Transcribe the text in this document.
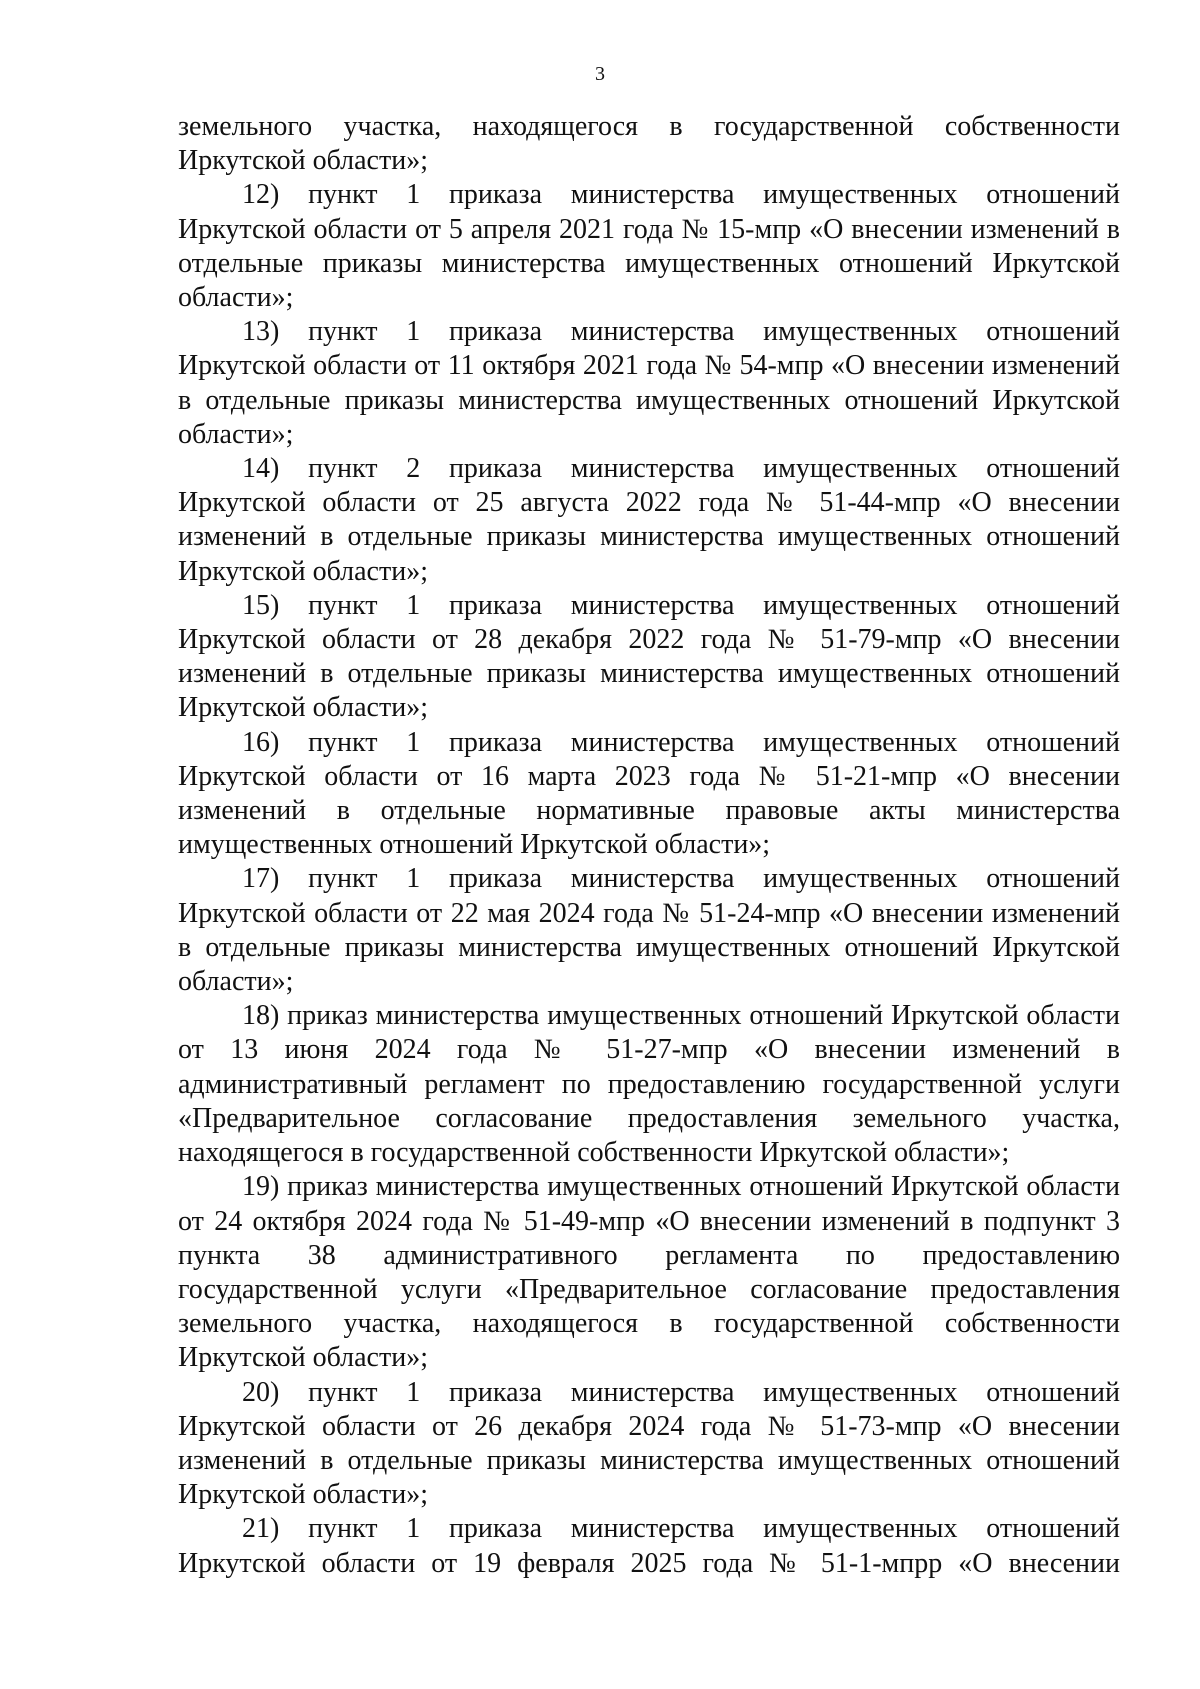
3

земельного участка, находящегося в государственной собственности Иркутской области»;

12) пункт 1 приказа министерства имущественных отношений Иркутской области от 5 апреля 2021 года № 15-мпр «О внесении изменений в отдельные приказы министерства имущественных отношений Иркутской области»;

13) пункт 1 приказа министерства имущественных отношений Иркутской области от 11 октября 2021 года № 54-мпр «О внесении изменений в отдельные приказы министерства имущественных отношений Иркутской области»;

14) пункт 2 приказа министерства имущественных отношений Иркутской области от 25 августа 2022 года № 51-44-мпр «О внесении изменений в отдельные приказы министерства имущественных отношений Иркутской области»;

15) пункт 1 приказа министерства имущественных отношений Иркутской области от 28 декабря 2022 года № 51-79-мпр «О внесении изменений в отдельные приказы министерства имущественных отношений Иркутской области»;

16) пункт 1 приказа министерства имущественных отношений Иркутской области от 16 марта 2023 года № 51-21-мпр «О внесении изменений в отдельные нормативные правовые акты министерства имущественных отношений Иркутской области»;

17) пункт 1 приказа министерства имущественных отношений Иркутской области от 22 мая 2024 года № 51-24-мпр «О внесении изменений в отдельные приказы министерства имущественных отношений Иркутской области»;

18) приказ министерства имущественных отношений Иркутской области от 13 июня 2024 года № 51-27-мпр «О внесении изменений в административный регламент по предоставлению государственной услуги «Предварительное согласование предоставления земельного участка, находящегося в государственной собственности Иркутской области»;

19) приказ министерства имущественных отношений Иркутской области от 24 октября 2024 года № 51-49-мпр «О внесении изменений в подпункт 3 пункта 38 административного регламента по предоставлению государственной услуги «Предварительное согласование предоставления земельного участка, находящегося в государственной собственности Иркутской области»;

20) пункт 1 приказа министерства имущественных отношений Иркутской области от 26 декабря 2024 года № 51-73-мпр «О внесении изменений в отдельные приказы министерства имущественных отношений Иркутской области»;

21) пункт 1 приказа министерства имущественных отношений Иркутской области от 19 февраля 2025 года № 51-1-мпрр «О внесении
